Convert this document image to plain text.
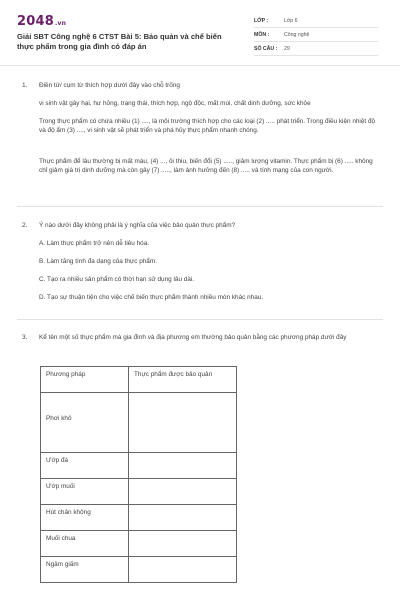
2048.vn
Giải SBT Công nghệ 6 CTST Bài 5: Bảo quản và chế biến thực phẩm trong gia đình có đáp án
LỚP :	Lớp 6
MÔN :	Công nghệ
SỐ CÂU :	29
1. Điền từ/ cụm từ thích hợp dưới đây vào chỗ trống
vi sinh vật gây hại, hư hỏng, trạng thái, thích hợp, ngộ độc, mất mùi, chất dinh dưỡng, sức khỏe
Trong thực phẩm có chứa nhiều (1) ...., là môi trường thích hợp cho các loại (2) ..... phát triển. Trong điều kiện nhiệt độ và độ ẩm (3) ...., vi sinh vật sẽ phát triển và phá hủy thực phẩm nhanh chóng.
Thực phẩm để lâu thường bị mất màu, (4) ..., ôi thiu, biến đổi (5) ....., giảm lượng vitamin. Thực phẩm bị (6) ..... không chỉ giảm giá trị dinh dưỡng mà còn gây (7) ....., làm ảnh hưởng đến (8) ..... và tính mạng của con người.
2. Ý nào dưới đây không phải là ý nghĩa của việc bảo quản thực phẩm?
A. Làm thực phẩm trở nên dễ tiêu hóa.
B. Làm tăng tính đa dạng của thực phẩm.
C. Tạo ra nhiều sản phẩm có thời hạn sử dụng lâu dài.
D. Tạo sự thuận tiện cho việc chế biến thực phẩm thành nhiều món khác nhau.
3. Kể tên một số thực phẩm mà gia đình và địa phương em thường bảo quản bằng các phương pháp dưới đây
Phương pháp	Thực phẩm được bảo quản
Phơi khô	
Ướp đá	
Ướp muối	
Hút chân không	
Muối chua	
Ngâm giấm	
